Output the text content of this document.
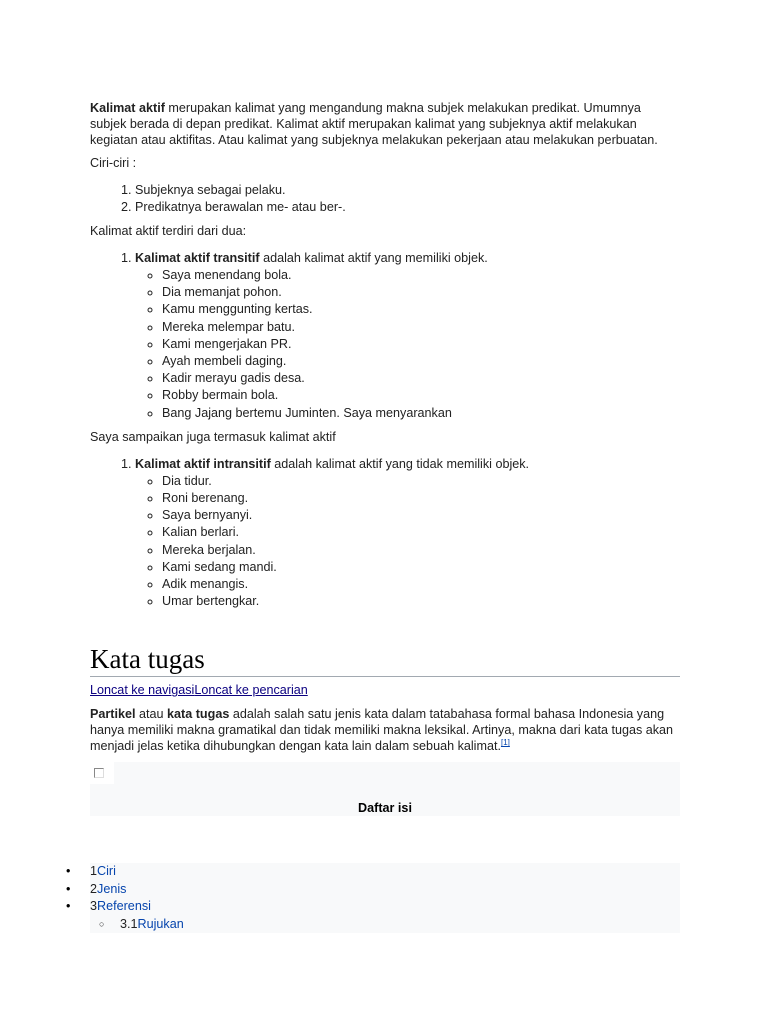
Kalimat aktif merupakan kalimat yang mengandung makna subjek melakukan predikat. Umumnya subjek berada di depan predikat. Kalimat aktif merupakan kalimat yang subjeknya aktif melakukan kegiatan atau aktifitas. Atau kalimat yang subjeknya melakukan pekerjaan atau melakukan perbuatan.

Ciri-ciri :

1. Subjeknya sebagai pelaku.
2. Predikatnya berawalan me- atau ber-.

Kalimat aktif terdiri dari dua:

1. Kalimat aktif transitif adalah kalimat aktif yang memiliki objek.
◦ Saya menendang bola.
◦ Dia memanjat pohon.
◦ Kamu menggunting kertas.
◦ Mereka melempar batu.
◦ Kami mengerjakan PR.
◦ Ayah membeli daging.
◦ Kadir merayu gadis desa.
◦ Robby bermain bola.
◦ Bang Jajang bertemu Juminten. Saya menyarankan

Saya sampaikan juga termasuk kalimat aktif

1. Kalimat aktif intransitif adalah kalimat aktif yang tidak memiliki objek.
◦ Dia tidur.
◦ Roni berenang.
◦ Saya bernyanyi.
◦ Kalian berlari.
◦ Mereka berjalan.
◦ Kami sedang mandi.
◦ Adik menangis.
◦ Umar bertengkar.
Kata tugas
Loncat ke navigasiLoncat ke pencarian

Partikel atau kata tugas adalah salah satu jenis kata dalam tatabahasa formal bahasa Indonesia yang hanya memiliki makna gramatikal dan tidak memiliki makna leksikal. Artinya, makna dari kata tugas akan menjadi jelas ketika dihubungkan dengan kata lain dalam sebuah kalimat.[1]

Daftar isi
• 1Ciri
• 2Jenis
• 3Referensi
○ 3.1Rujukan
